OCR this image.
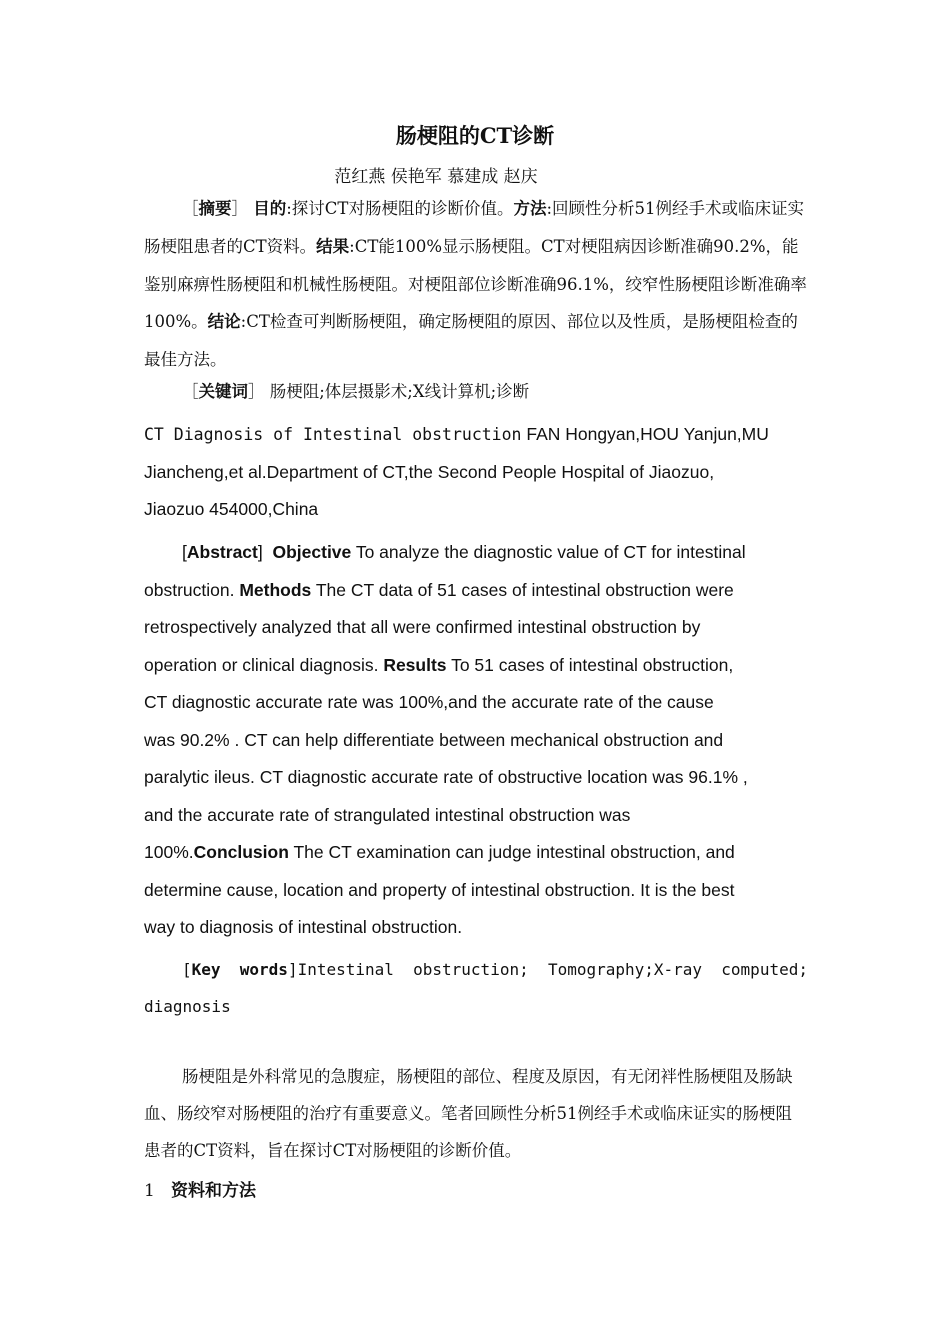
肠梗阻的CT诊断
范红燕 侯艳军 慕建成 赵庆
［摘要］ 目的:探讨CT对肠梗阻的诊断价值。方法:回顾性分析51例经手术或临床证实肠梗阻患者的CT资料。结果:CT能100%显示肠梗阻。CT对梗阻病因诊断准确90.2%，能鉴别麻痹性肠梗阻和机械性肠梗阻。对梗阻部位诊断准确96.1%，绞窄性肠梗阻诊断准确率100%。结论:CT检查可判断肠梗阻，确定肠梗阻的原因、部位以及性质，是肠梗阻检查的最佳方法。
［关键词］ 肠梗阻;体层摄影术;X线计算机;诊断
CT Diagnosis of Intestinal obstruction FAN Hongyan,HOU Yanjun,MU
Jiancheng,et al.Department of CT,the Second People Hospital of Jiaozuo,
Jiaozuo 454000,China
[Abstract] Objective To analyze the diagnostic value of CT for intestinal
obstruction. Methods The CT data of 51 cases of intestinal obstruction were
retrospectively analyzed that all were confirmed intestinal obstruction by
operation or clinical diagnosis. Results To 51 cases of intestinal obstruction,
CT diagnostic accurate rate was 100%,and the accurate rate of the cause
was 90.2% . CT can help differentiate between mechanical obstruction and
paralytic ileus. CT diagnostic accurate rate of obstructive location was 96.1% ,
and the accurate rate of strangulated intestinal obstruction was
100%.Conclusion The CT examination can judge intestinal obstruction, and
determine cause, location and property of intestinal obstruction. It is the best
way to diagnosis of intestinal obstruction.
[Key words]Intestinal obstruction; Tomography;X-ray computed;
diagnosis
肠梗阻是外科常见的急腹症，肠梗阻的部位、程度及原因，有无闭袢性肠梗阻及肠缺血、肠绞窄对肠梗阻的治疗有重要意义。笔者回顾性分析51例经手术或临床证实的肠梗阻患者的CT资料，旨在探讨CT对肠梗阻的诊断价值。
1 资料和方法
